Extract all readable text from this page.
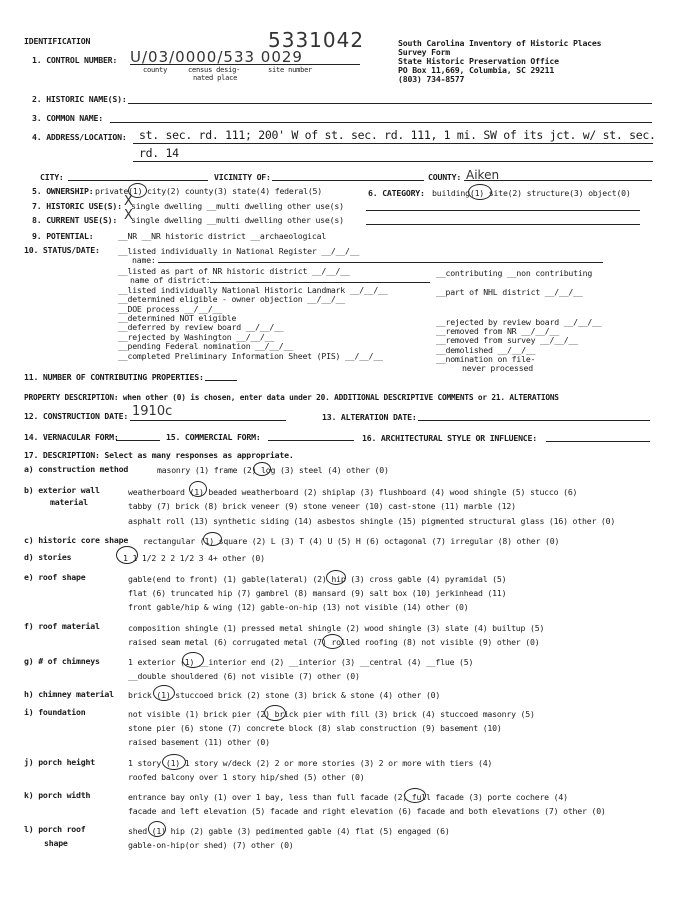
5331042
IDENTIFICATION	South Carolina Inventory of Historic Places
Survey Form
State Historic Preservation Office
PO Box 11,669, Columbia, SC 29211
(803) 734-8577
1. CONTROL NUMBER: U/03/0000/533 0029
county	census desig-
nated place
site number
2. HISTORIC NAME(S):
3. COMMON NAME:
4. ADDRESS/LOCATION: st. sec. rd. 111; 200' W of st. sec. rd. 111, 1 mi. SW of its jct. w/ st. sec.
rd. 14
CITY:	VICINITY OF:	COUNTY: Aiken
5. OWNERSHIP: private(1) city(2) county(3) state(4) federal(5)	6. CATEGORY: building(1) site(2) structure(3) object(0)
7. HISTORIC USE(S): X
single dwelling __multi dwelling other use(s)
8. CURRENT USE(S): X
single dwelling __multi dwelling other use(s)
9. POTENTIAL:	__NR __NR historic district __archaeological
10. STATUS/DATE: __listed individually in National Register __/__/__
name:
__listed as part of NR historic district __/__/__
name of district:
__listed individually National Historic Landmark __/__/__
__determined eligible - owner objection __/__/__
__DOE process __/__/__
__determined NOT eligible
__deferred by review board __/__/__
__rejected by Washington __/__/__
__pending Federal nomination __/__/__
__completed Preliminary Information Sheet (PIS) __/__/__
__contributing __non contributing
__part of NHL district __/__/__
__rejected by review board __/__/__
__removed from NR __/__/__
__removed from survey __/__/__
__demolished __/__/__
__nomination on file-
never processed
11. NUMBER OF CONTRIBUTING PROPERTIES:
PROPERTY DESCRIPTION: when other (0) is chosen, enter data under 20. ADDITIONAL DESCRIPTIVE COMMENTS or 21. ALTERATIONS
12. CONSTRUCTION DATE: 1910c	13. ALTERATION DATE:
14. VERNACULAR FORM:	15. COMMERCIAL FORM:	16. ARCHITECTURAL STYLE OR INFLUENCE:
17. DESCRIPTION: Select as many responses as appropriate.
a) construction method	masonry (1) frame (2) log (3) steel (4) other (0)
b) exterior wall
material
weatherboard (1) beaded weatherboard (2) shiplap (3) flushboard (4) wood shingle (5) stucco (6)
tabby (7) brick (8) brick veneer (9) stone veneer (10) cast-stone (11) marble (12)
asphalt roll (13) synthetic siding (14) asbestos shingle (15) pigmented structural glass (16) other (0)
c) historic core shape rectangular (1) square (2) L (3) T (4) U (5) H (6) octagonal (7) irregular (8) other (0)
d) stories	1 1 1/2 2 2 1/2 3 4+ other (0)
e) roof shape	gable(end to front) (1) gable(lateral) (2) hip (3) cross gable (4) pyramidal (5)
flat (6) truncated hip (7) gambrel (8) mansard (9) salt box (10) jerkinhead (11)
front gable/hip & wing (12) gable-on-hip (13) not visible (14) other (0)
f) roof material	composition shingle (1) pressed metal shingle (2) wood shingle (3) slate (4) builtup (5)
raised seam metal (6) corrugated metal (7) rolled roofing (8) not visible (9) other (0)
g) # of chimneys	1 exterior (1) __interior end (2) __interior (3) __central (4) __flue (5)
__double shouldered (6) not visible (7) other (0)
h) chimney material brick (1) stuccoed brick (2) stone (3) brick & stone (4) other (0)
i) foundation	not visible (1) brick pier (2) brick pier with fill (3) brick (4) stuccoed masonry (5)
stone pier (6) stone (7) concrete block (8) slab construction (9) basement (10)
raised basement (11) other (0)
j) porch height	1 story (1) 1 story w/deck (2) 2 or more stories (3) 2 or more with tiers (4)
roofed balcony over 1 story hip/shed (5) other (0)
k) porch width	entrance bay only (1) over 1 bay, less than full facade (2) full facade (3) porte cochere (4)
facade and left elevation (5) facade and right elevation (6) facade and both elevations (7) other (0)
l) porch roof
shape
shed (1) hip (2) gable (3) pedimented gable (4) flat (5) engaged (6)
gable-on-hip(or shed) (7) other (0)
